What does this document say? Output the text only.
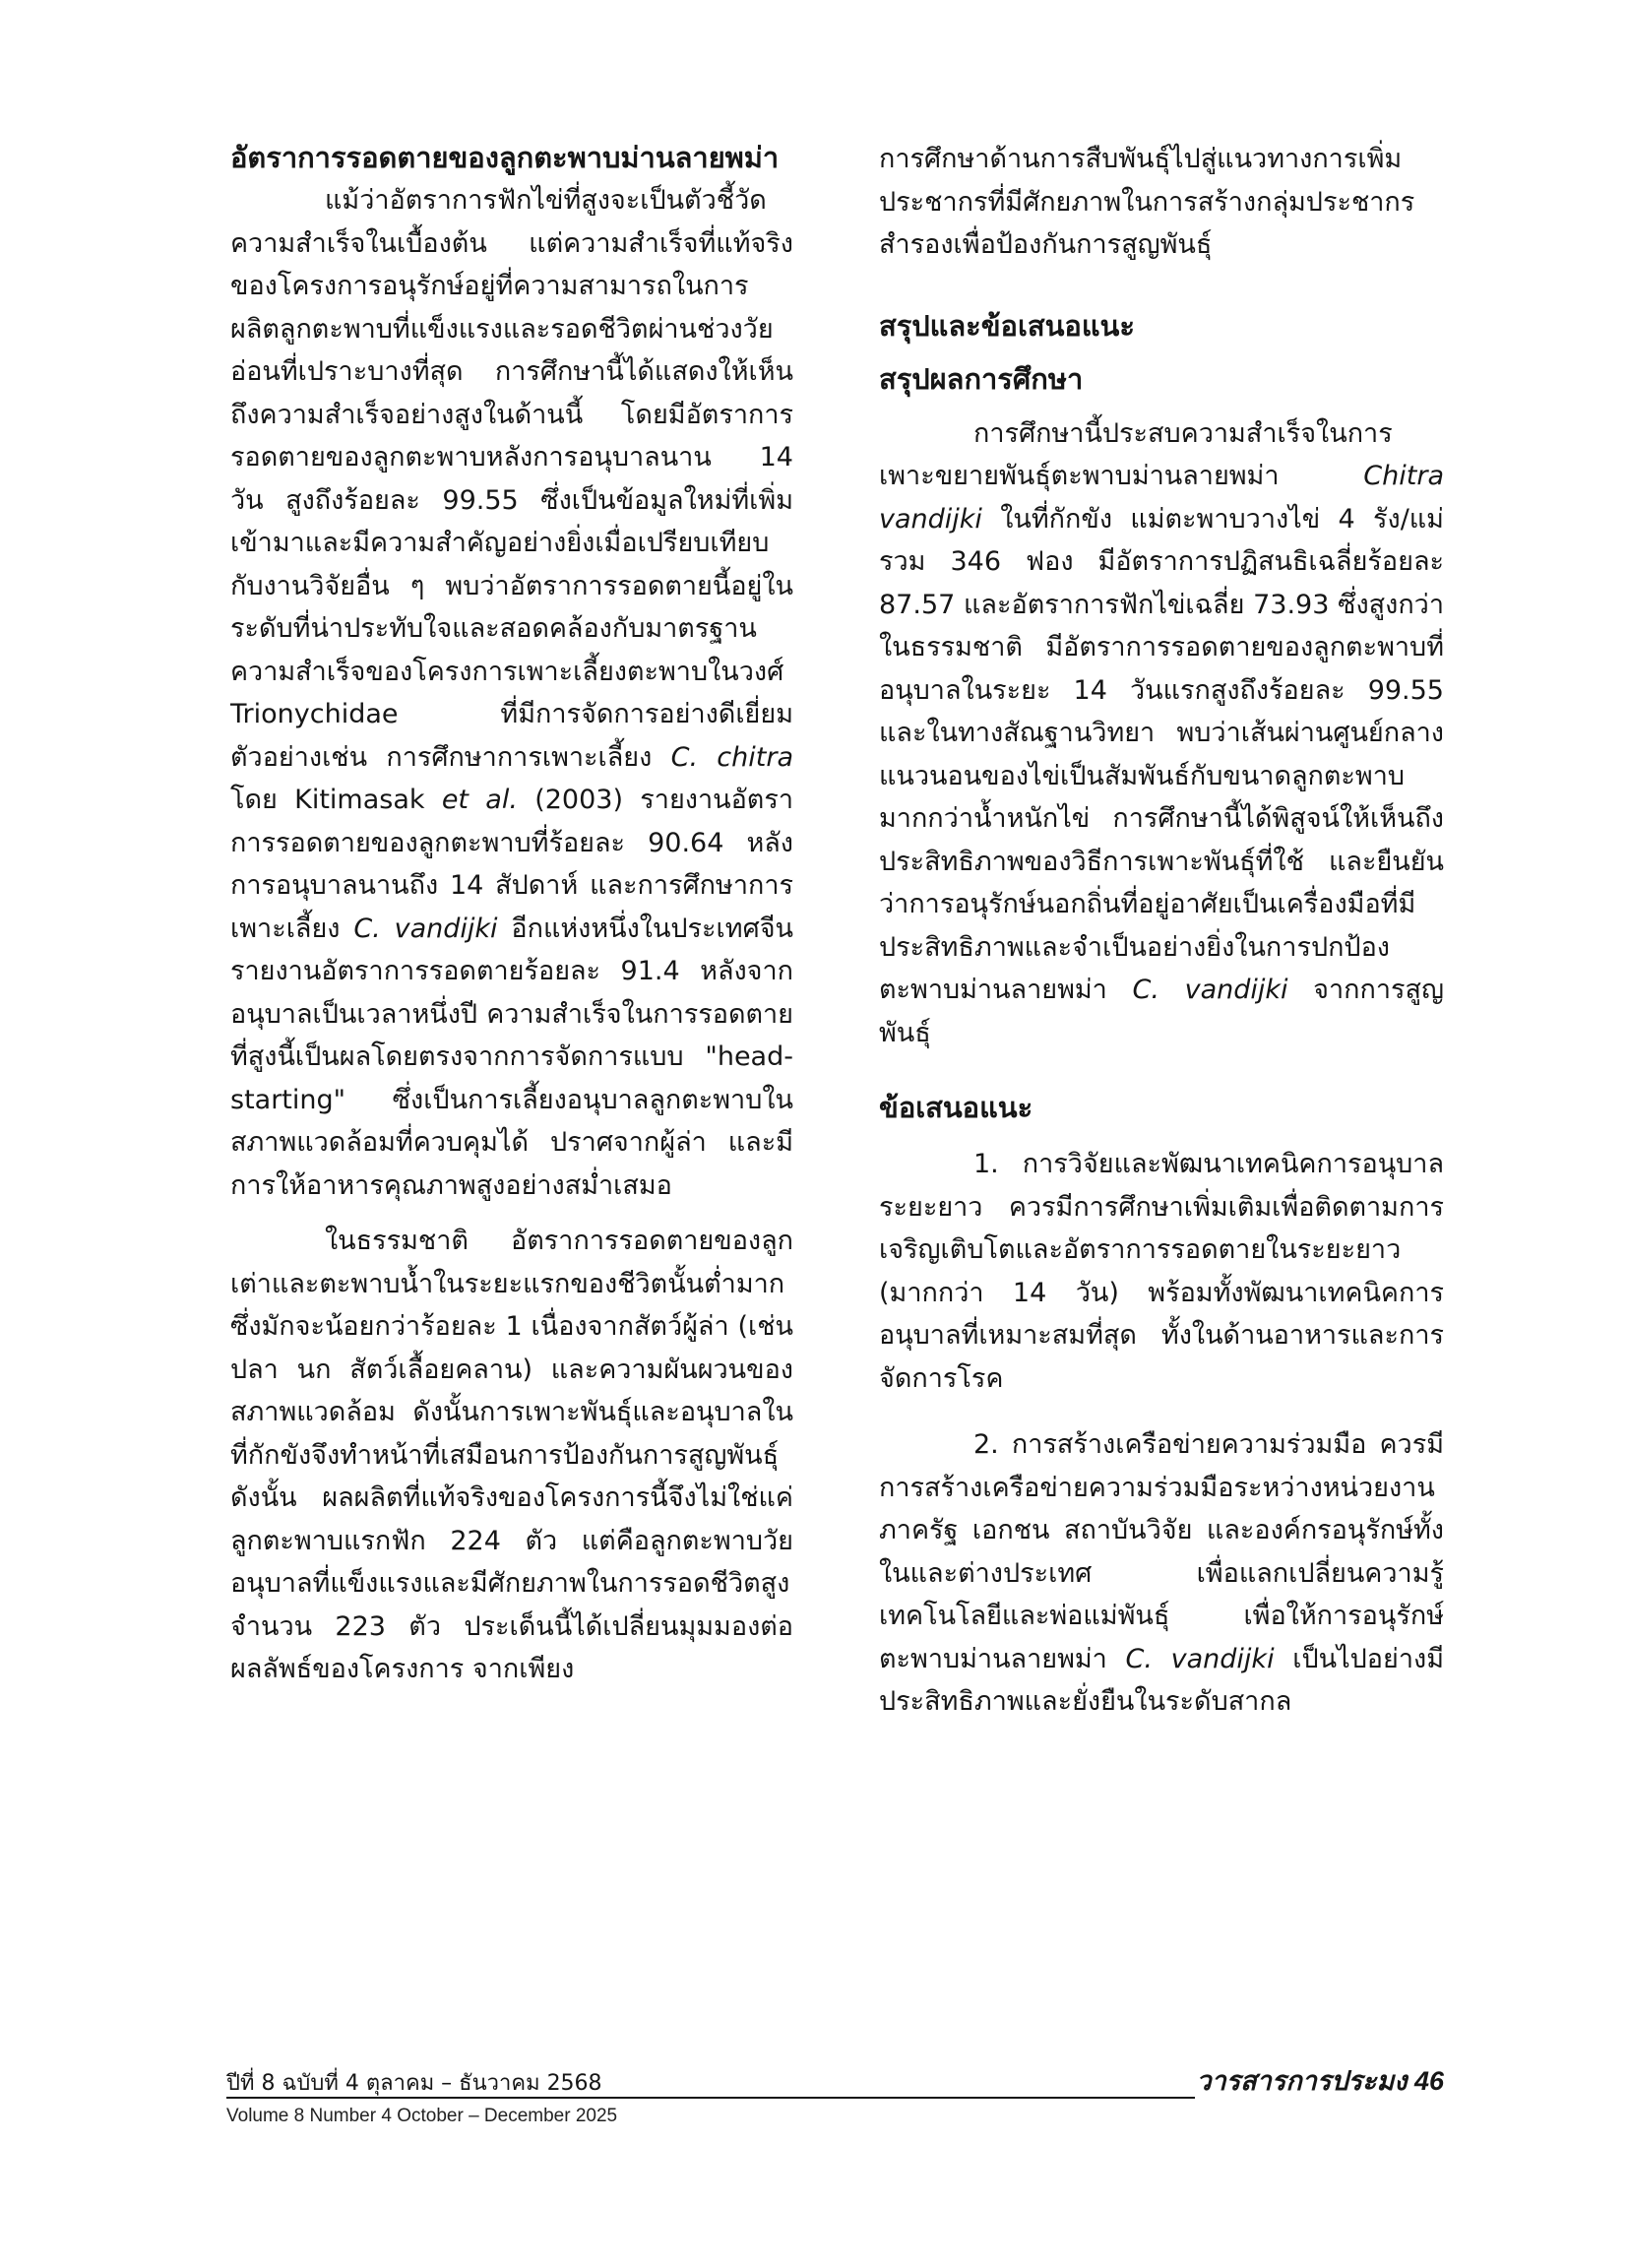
อัตราการรอดตายของลูกตะพาบม่านลายพม่า

แม้ว่าอัตราการฟักไข่ที่สูงจะเป็นตัวชี้วัดความสำเร็จในเบื้องต้น แต่ความสำเร็จที่แท้จริงของโครงการอนุรักษ์อยู่ที่ความสามารถในการผลิตลูกตะพาบที่แข็งแรงและรอดชีวิตผ่านช่วงวัยอ่อนที่เปราะบางที่สุด การศึกษานี้ได้แสดงให้เห็นถึงความสำเร็จอย่างสูงในด้านนี้ โดยมีอัตราการรอดตายของลูกตะพาบหลังการอนุบาลนาน 14 วัน สูงถึงร้อยละ 99.55 ซึ่งเป็นข้อมูลใหม่ที่เพิ่มเข้ามาและมีความสำคัญอย่างยิ่งเมื่อเปรียบเทียบกับงานวิจัยอื่น ๆ พบว่าอัตราการรอดตายนี้อยู่ในระดับที่น่าประทับใจและสอดคล้องกับมาตรฐานความสำเร็จของโครงการเพาะเลี้ยงตะพาบในวงศ์ Trionychidae ที่มีการจัดการอย่างดีเยี่ยม ตัวอย่างเช่น การศึกษาการเพาะเลี้ยง C. chitra โดย Kitimasak et al. (2003) รายงานอัตราการรอดตายของลูกตะพาบที่ร้อยละ 90.64 หลังการอนุบาลนานถึง 14 สัปดาห์ และการศึกษาการเพาะเลี้ยง C. vandijki อีกแห่งหนึ่งในประเทศจีน รายงานอัตราการรอดตายร้อยละ 91.4 หลังจากอนุบาลเป็นเวลาหนึ่งปี ความสำเร็จในการรอดตายที่สูงนี้เป็นผลโดยตรงจากการจัดการแบบ "head-starting" ซึ่งเป็นการเลี้ยงอนุบาลลูกตะพาบในสภาพแวดล้อมที่ควบคุมได้ ปราศจากผู้ล่า และมีการให้อาหารคุณภาพสูงอย่างสม่ำเสมอ

ในธรรมชาติ อัตราการรอดตายของลูกเต่าและตะพาบน้ำในระยะแรกของชีวิตนั้นต่ำมาก ซึ่งมักจะน้อยกว่าร้อยละ 1 เนื่องจากสัตว์ผู้ล่า (เช่น ปลา นก สัตว์เลื้อยคลาน) และความผันผวนของสภาพแวดล้อม ดังนั้นการเพาะพันธุ์และอนุบาลในที่กักขังจึงทำหน้าที่เสมือนการป้องกันการสูญพันธุ์ ดังนั้น ผลผลิตที่แท้จริงของโครงการนี้จึงไม่ใช่แค่ลูกตะพาบแรกฟัก 224 ตัว แต่คือลูกตะพาบวัยอนุบาลที่แข็งแรงและมีศักยภาพในการรอดชีวิตสูงจำนวน 223 ตัว ประเด็นนี้ได้เปลี่ยนมุมมองต่อผลลัพธ์ของโครงการ จากเพียง

การศึกษาด้านการสืบพันธุ์ไปสู่แนวทางการเพิ่มประชากรที่มีศักยภาพในการสร้างกลุ่มประชากรสำรองเพื่อป้องกันการสูญพันธุ์

สรุปและข้อเสนอแนะ

สรุปผลการศึกษา

การศึกษานี้ประสบความสำเร็จในการเพาะขยายพันธุ์ตะพาบม่านลายพม่า Chitra vandijki ในที่กักขัง แม่ตะพาบวางไข่ 4 รัง/แม่ รวม 346 ฟอง มีอัตราการปฏิสนธิเฉลี่ยร้อยละ 87.57 และอัตราการฟักไข่เฉลี่ย 73.93 ซึ่งสูงกว่าในธรรมชาติ มีอัตราการรอดตายของลูกตะพาบที่อนุบาลในระยะ 14 วันแรกสูงถึงร้อยละ 99.55 และในทางสัณฐานวิทยา พบว่าเส้นผ่านศูนย์กลางแนวนอนของไข่เป็นสัมพันธ์กับขนาดลูกตะพาบมากกว่าน้ำหนักไข่ การศึกษานี้ได้พิสูจน์ให้เห็นถึงประสิทธิภาพของวิธีการเพาะพันธุ์ที่ใช้ และยืนยันว่าการอนุรักษ์นอกถิ่นที่อยู่อาศัยเป็นเครื่องมือที่มีประสิทธิภาพและจำเป็นอย่างยิ่งในการปกป้องตะพาบม่านลายพม่า C. vandijki จากการสูญพันธุ์

ข้อเสนอแนะ

1. การวิจัยและพัฒนาเทคนิคการอนุบาลระยะยาว ควรมีการศึกษาเพิ่มเติมเพื่อติดตามการเจริญเติบโตและอัตราการรอดตายในระยะยาว (มากกว่า 14 วัน) พร้อมทั้งพัฒนาเทคนิคการอนุบาลที่เหมาะสมที่สุด ทั้งในด้านอาหารและการจัดการโรค

2. การสร้างเครือข่ายความร่วมมือ ควรมีการสร้างเครือข่ายความร่วมมือระหว่างหน่วยงานภาครัฐ เอกชน สถาบันวิจัย และองค์กรอนุรักษ์ทั้งในและต่างประเทศ เพื่อแลกเปลี่ยนความรู้ เทคโนโลยีและพ่อแม่พันธุ์ เพื่อให้การอนุรักษ์ตะพาบม่านลายพม่า C. vandijki เป็นไปอย่างมีประสิทธิภาพและยั่งยืนในระดับสากล

ปีที่ 8 ฉบับที่ 4 ตุลาคม – ธันวาคม 2568
Volume 8 Number 4 October – December 2025
วารสารการประมง 46
